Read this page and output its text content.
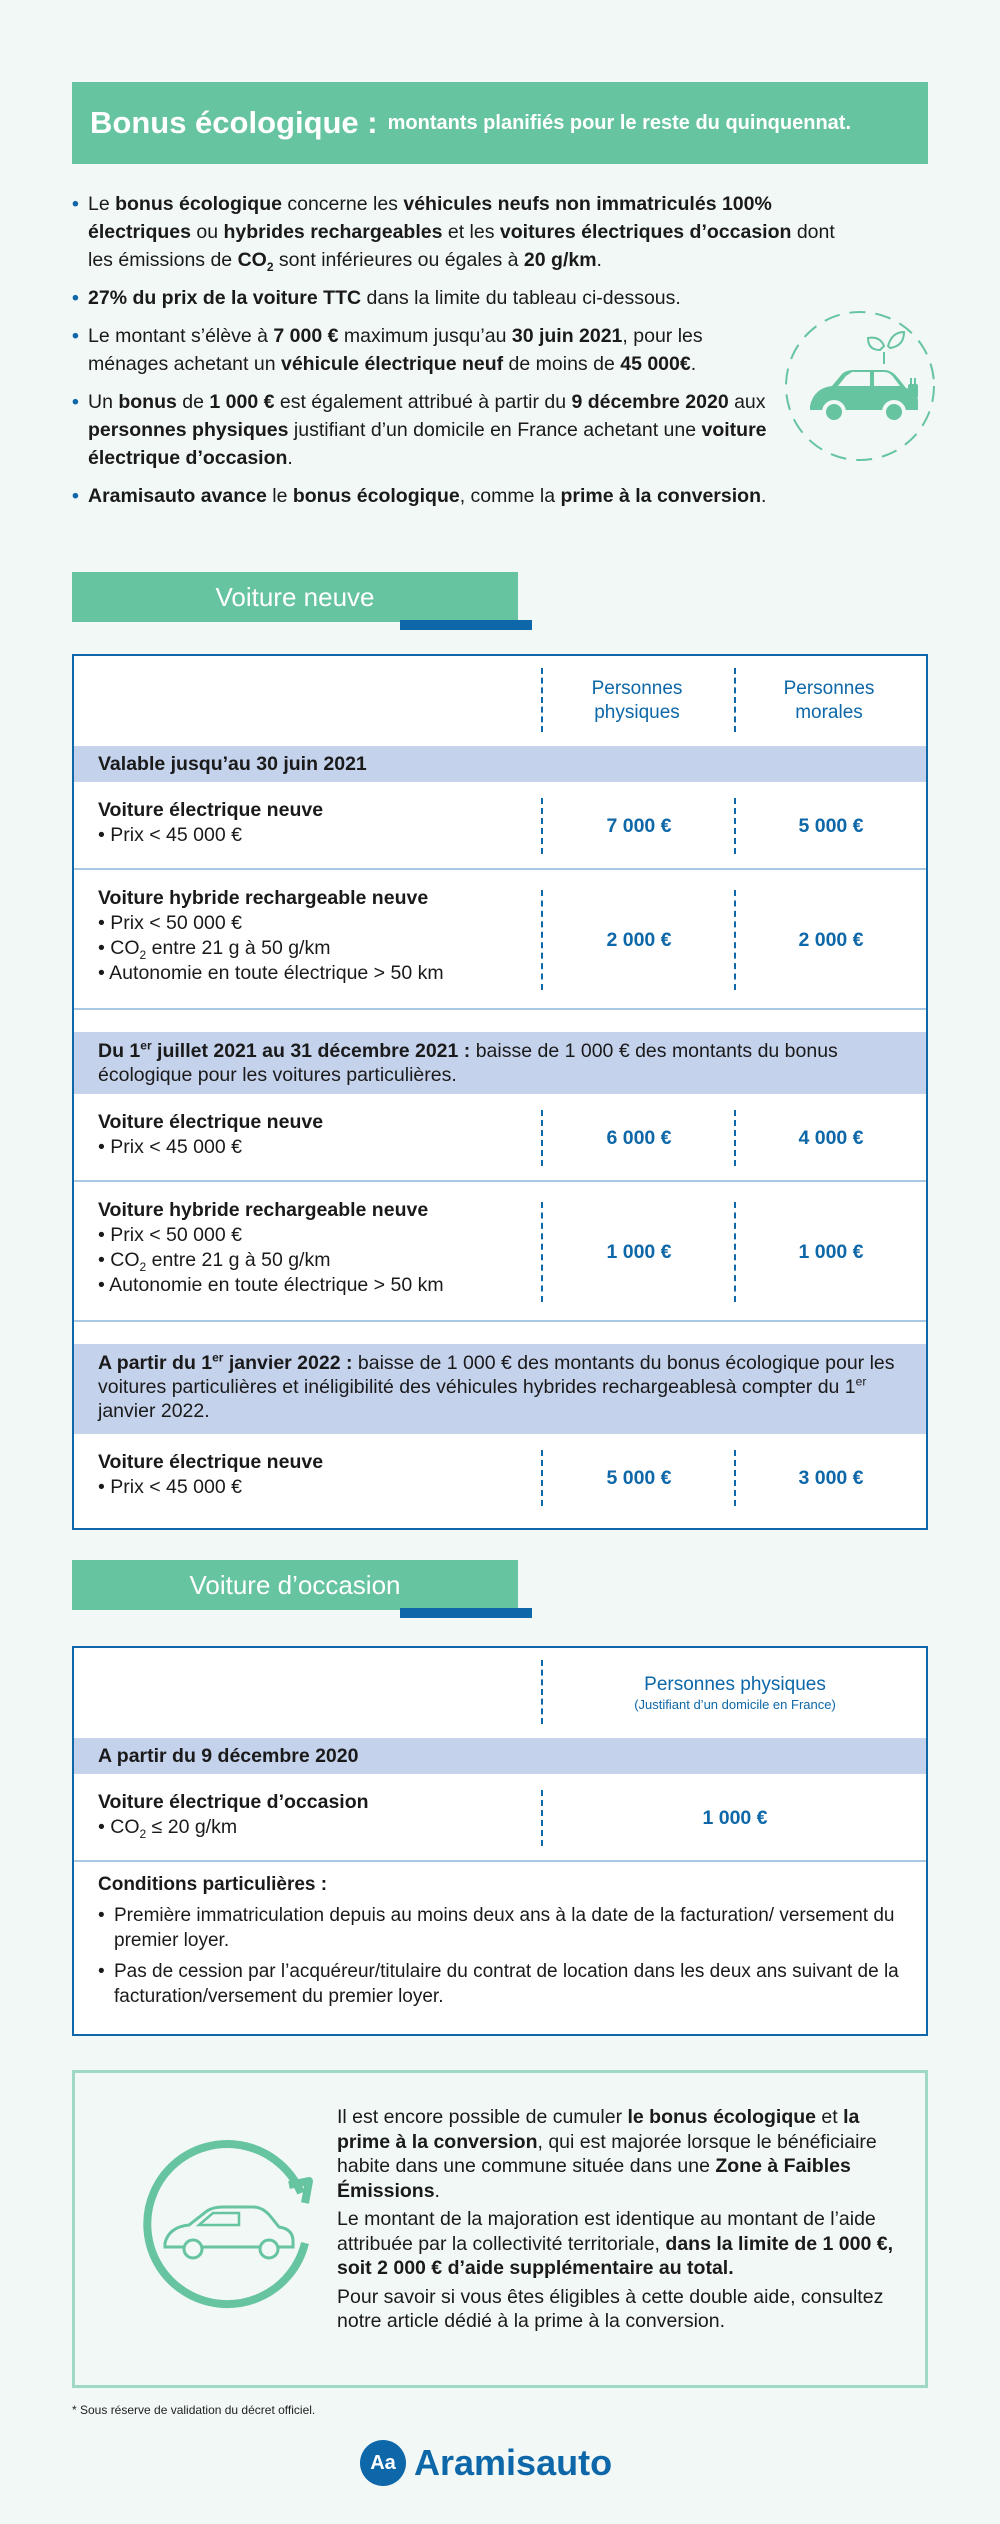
Bonus écologique : montants planifiés pour le reste du quinquennat.
• Le bonus écologique concerne les véhicules neufs non immatriculés 100% électriques ou hybrides rechargeables et les voitures électriques d’occasion dont les émissions de $CO_2$ sont inférieures ou égales à 20 g/km.
• 27% du prix de la voiture TTC dans la limite du tableau ci-dessous.
• Le montant s’élève à 7 000 € maximum jusqu’au 30 juin 2021, pour les ménages achetant un véhicule électrique neuf de moins de 45 000€.
• Un bonus de 1 000 € est également attribué à partir du 9 décembre 2020 aux personnes physiques justifiant d’un domicile en France achetant une voiture électrique d’occasion.
• Aramisauto avance le bonus écologique, comme la prime à la conversion.
Voiture neuve
Personnes physiques
Personnes morales
Valable jusqu’au 30 juin 2021
Voiture électrique neuve
• Prix < 45 000 €	7 000 €	5 000 €
Voiture hybride rechargeable neuve
• Prix < 50 000 €
• $CO_2$ entre 21 g à 50 g/km
• Autonomie en toute électrique > 50 km
2 000 €	2 000 €
Du 1er juillet 2021 au 31 décembre 2021 : baisse de 1 000 € des montants du bonus écologique pour les voitures particulières.
Voiture électrique neuve
• Prix < 45 000 €	6 000 €	4 000 €
Voiture hybride rechargeable neuve
• Prix < 50 000 €
• $CO_2$ entre 21 g à 50 g/km
• Autonomie en toute électrique > 50 km
1 000 €	1 000 €
A partir du 1er janvier 2022 : baisse de 1 000 € des montants du bonus écologique pour les voitures particulières et inéligibilité des véhicules hybrides rechargeablesà compter du 1er janvier 2022.
Voiture électrique neuve
• Prix < 45 000 €	5 000 €	3 000 €
Voiture d’occasion
Personnes physiques
(Justifiant d’un domicile en France)
A partir du 9 décembre 2020
Voiture électrique d’occasion
• $CO_2 \le 20$ g/km	1 000 €
Conditions particulières :
• Première immatriculation depuis au moins deux ans à la date de la facturation/ versement du premier loyer.
• Pas de cession par l’acquéreur/titulaire du contrat de location dans les deux ans suivant de la facturation/versement du premier loyer.

Il est encore possible de cumuler le bonus écologique et la prime à la conversion, qui est majorée lorsque le bénéficiaire habite dans une commune située dans une Zone à Faibles Émissions.

Le montant de la majoration est identique au montant de l’aide attribuée par la collectivité territoriale, dans la limite de 1 000 €, soit 2 000 € d’aide supplémentaire au total.

Pour savoir si vous êtes éligibles à cette double aide, consultez notre article dédié à la prime à la conversion.

* Sous réserve de validation du décret officiel.
Aa Aramisauto
